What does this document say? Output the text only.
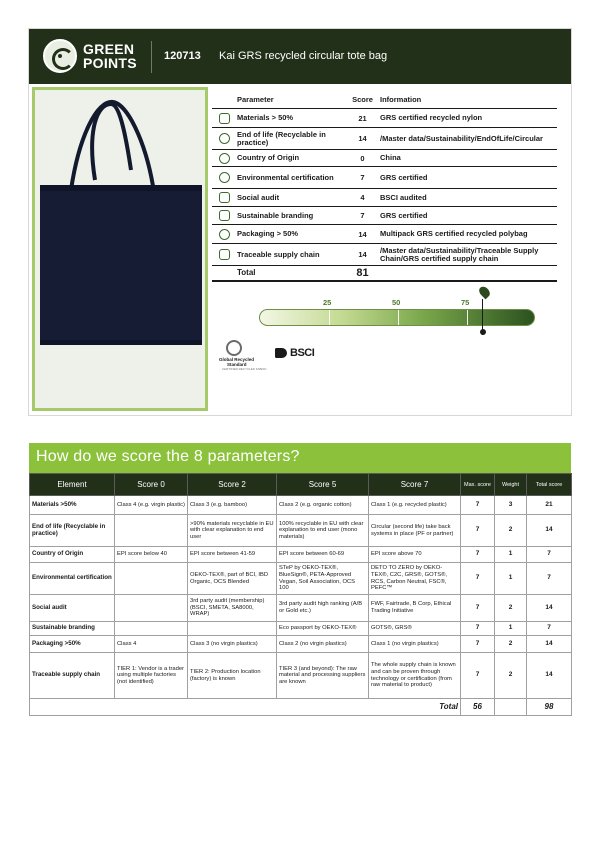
GREEN
POINTS 120713 Kai GRS recycled circular tote bag
Parameter	Score Information
Materials > 50%	21	GRS certified recycled nylon
End of life (Recyclable in practice)	14	/Master data/Sustainability/EndOfLife/Circular
Country of Origin	0	China
Environmental certification	7	GRS certified
Social audit	4	BSCI audited
Sustainable branding	7	GRS certified
Packaging > 50%	14	Multipack GRS certified recycled polybag
Traceable supply chain	14	/Master data/Sustainability/Traceable Supply Chain/GRS certified supply chain
Total	81
25	50	75
Global Recycled
Standard
CERTIFIED RECYCLED FABRIC
BSCI
How do we score the 8 parameters?
Element	Score 0	Score 2	Score 5	Score 7	Max. score	Weight	Total score
Materials >50%	Class 4 (e.g. virgin plastic)	Class 3 (e.g. bamboo)	Class 2 (e.g. organic cotton)	Class 1 (e.g. recycled plastic)	7	3	21
End of life (Recyclable in practice)		>90% materials recyclable in EU with clear explanation to end user	100% recyclable in EU with clear explanation to end user (mono materials)	Circular (second life) take back systems in place (PF or partner)	7	2	14
Country of Origin	EPI score below 40	EPI score between 41-59	EPI score between 60-69	EPI score above 70	7	1	7
Environmental certification		OEKO-TEX®, part of BCI, IBD Organic, OCS Blended	STeP by OEKO-TEX®, BlueSign®, PETA-Approved Vegan, Soil Association, OCS 100	DETO TO ZERO by OEKO-TEX®, C2C, GRS®, GOTS®, RCS, Carbon Neutral, FSC®, PEFC™	7	1	7
Social audit		3rd party audit (membership) (BSCI, SMETA, SA8000, WRAP)	3rd party audit high ranking (A/B or Gold etc.)	FWF, Fairtrade, B Corp, Ethical Trading Initiative	7	2	14
Sustainable branding			Eco passport by OEKO-TEX®	GOTS®, GRS®	7	1	7
Packaging >50%	Class 4	Class 3 (no virgin plastics)	Class 2 (no virgin plastics)	Class 1 (no virgin plastics)	7	2	14
Traceable supply chain	TIER 1: Vendor is a trader using multiple factories (not identified)	TIER 2: Production location (factory) is known	TIER 3 (and beyond): The raw material and processing suppliers are known	The whole supply chain is known and can be proven through technology or certification (from raw material to product)	7	2	14
Total					56		98
